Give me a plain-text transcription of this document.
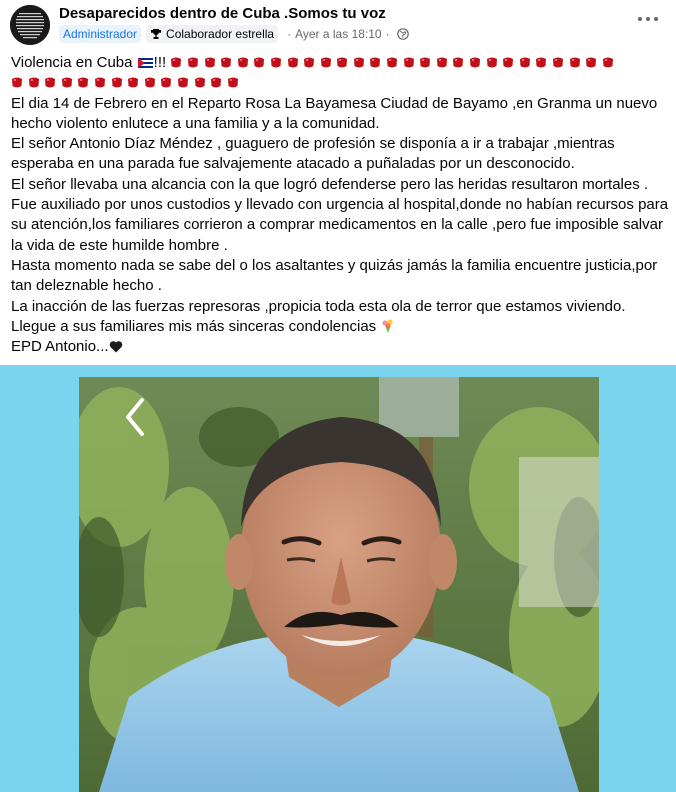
Desaparecidos dentro de Cuba .Somos tu voz
Administrador	Colaborador estrella · Ayer a las 18:10 ·
Violencia en Cuba !!!
El dia 14 de Febrero en el Reparto Rosa La Bayamesa Ciudad de Bayamo ,en Granma un nuevo
hecho violento enlutece a una familia y a la comunidad.
El señor Antonio Díaz Méndez , guaguero de profesión se disponía a ir a trabajar ,mientras
esperaba en una parada fue salvajemente atacado a puñaladas por un desconocido.
El señor llevaba una alcancia con la que logró defenderse pero las heridas resultaron mortales .
Fue auxiliado por unos custodios y llevado con urgencia al hospital,donde no habían recursos para
su atención,los familiares corrieron a comprar medicamentos en la calle ,pero fue imposible salvar
la vida de este humilde hombre .
Hasta momento nada se sabe del o los asaltantes y quizás jamás la familia encuentre justicia,por
tan deleznable hecho .
La inacción de las fuerzas represoras ,propicia toda esta ola de terror que estamos viviendo.
Llegue a sus familiares mis más sinceras condolencias
EPD Antonio...
